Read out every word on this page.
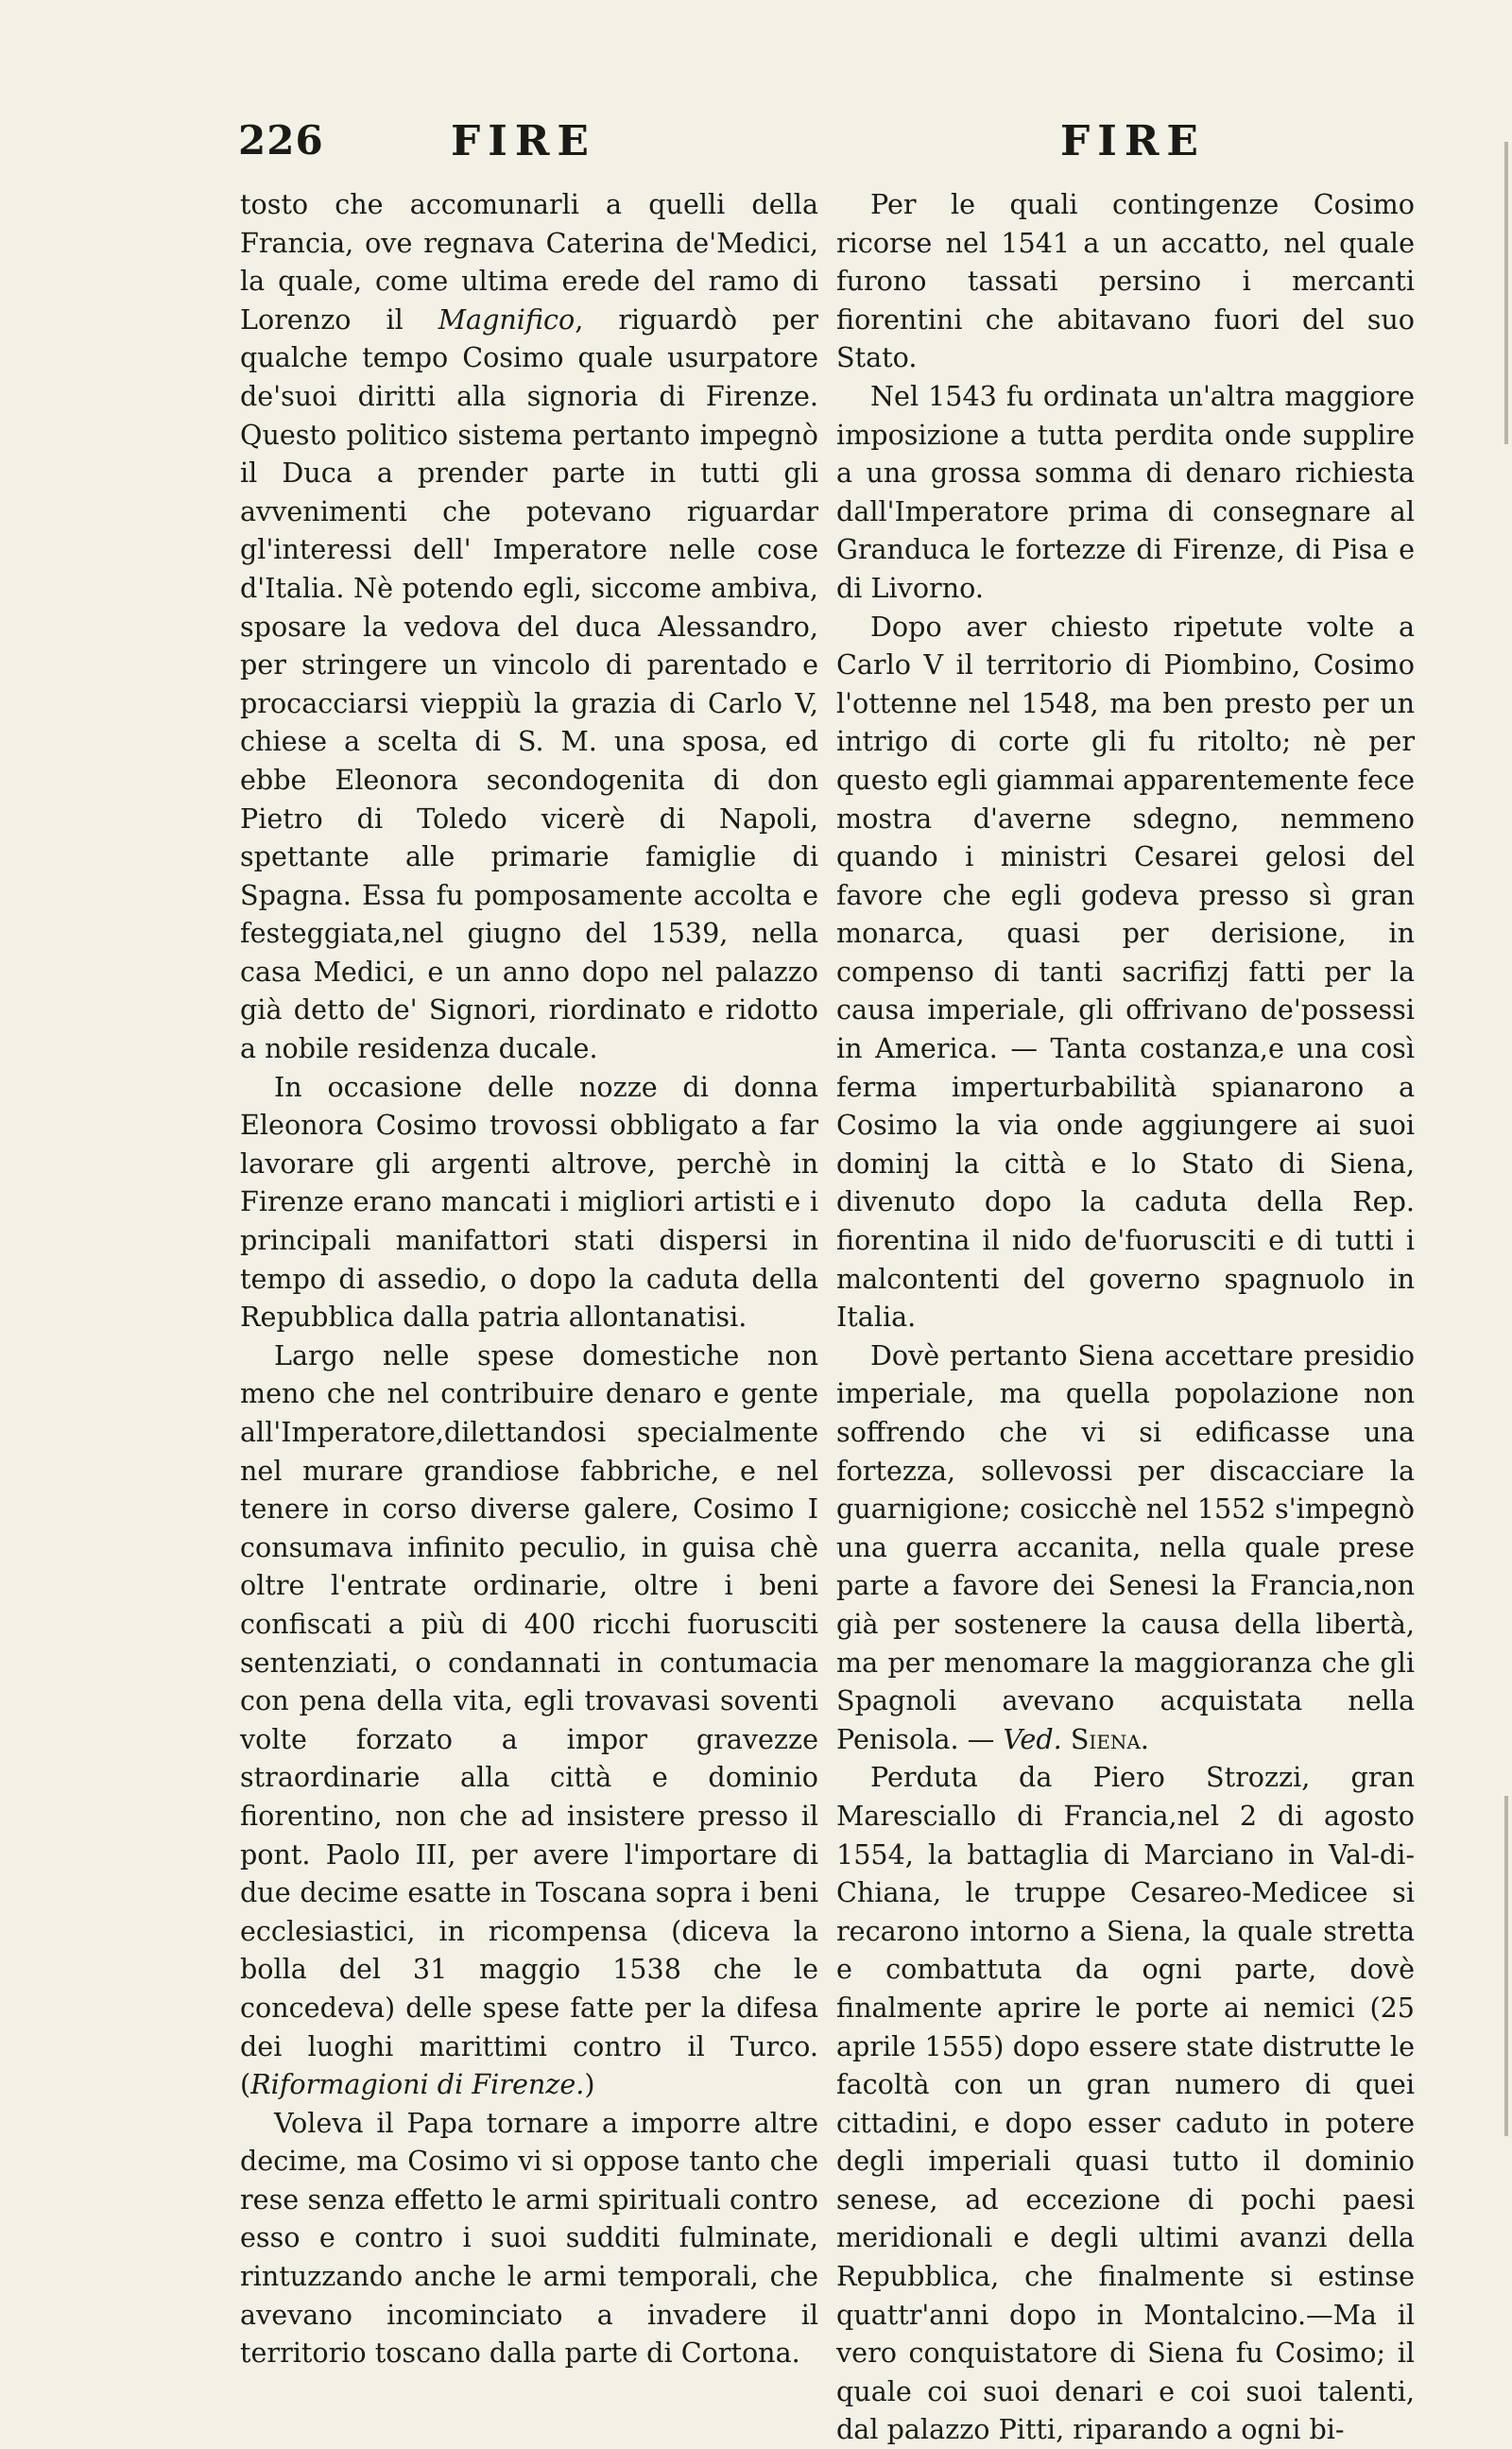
226	FIRE	FIRE

tosto che accomunarli a quelli della Francia, ove regnava Caterina de'Medici, la quale, come ultima erede del ramo di Lorenzo il Magnifico, riguardò per qualche tempo Cosimo quale usurpatore de'suoi diritti alla signoria di Firenze. Questo politico sistema pertanto impegnò il Duca a prender parte in tutti gli avvenimenti che potevano riguardar gl'interessi dell' Imperatore nelle cose d'Italia. Nè potendo egli, siccome ambiva, sposare la vedova del duca Alessandro, per stringere un vincolo di parentado e procacciarsi vieppiù la grazia di Carlo V, chiese a scelta di S. M. una sposa, ed ebbe Eleonora secondogenita di don Pietro di Toledo vicerè di Napoli, spettante alle primarie famiglie di Spagna. Essa fu pomposamente accolta e festeggiata,nel giugno del 1539, nella casa Medici, e un anno dopo nel palazzo già detto de' Signori, riordinato e ridotto a nobile residenza ducale.

In occasione delle nozze di donna Eleonora Cosimo trovossi obbligato a far lavorare gli argenti altrove, perchè in Firenze erano mancati i migliori artisti e i principali manifattori stati dispersi in tempo di assedio, o dopo la caduta della Repubblica dalla patria allontanatisi.

Largo nelle spese domestiche non meno che nel contribuire denaro e gente all'Imperatore,dilettandosi specialmente nel murare grandiose fabbriche, e nel tenere in corso diverse galere, Cosimo I consumava infinito peculio, in guisa chè oltre l'entrate ordinarie, oltre i beni confiscati a più di 400 ricchi fuorusciti sentenziati, o condannati in contumacia con pena della vita, egli trovavasi soventi volte forzato a impor gravezze straordinarie alla città e dominio fiorentino, non che ad insistere presso il pont. Paolo III, per avere l'importare di due decime esatte in Toscana sopra i beni ecclesiastici, in ricompensa (diceva la bolla del 31 maggio 1538 che le concedeva) delle spese fatte per la difesa dei luoghi marittimi contro il Turco. (Riformagioni di Firenze.)

Voleva il Papa tornare a imporre altre decime, ma Cosimo vi si oppose tanto che rese senza effetto le armi spirituali contro esso e contro i suoi sudditi fulminate, rintuzzando anche le armi temporali, che avevano incominciato a invadere il territorio toscano dalla parte di Cortona.

Per le quali contingenze Cosimo ricorse nel 1541 a un accatto, nel quale furono tassati persino i mercanti fiorentini che abitavano fuori del suo Stato.

Nel 1543 fu ordinata un'altra maggiore imposizione a tutta perdita onde supplire a una grossa somma di denaro richiesta dall'Imperatore prima di consegnare al Granduca le fortezze di Firenze, di Pisa e di Livorno.

Dopo aver chiesto ripetute volte a Carlo V il territorio di Piombino, Cosimo l'ottenne nel 1548, ma ben presto per un intrigo di corte gli fu ritolto; nè per questo egli giammai apparentemente fece mostra d'averne sdegno, nemmeno quando i ministri Cesarei gelosi del favore che egli godeva presso sì gran monarca, quasi per derisione, in compenso di tanti sacrifizj fatti per la causa imperiale, gli offrivano de'possessi in America. — Tanta costanza,e una così ferma imperturbabilità spianarono a Cosimo la via onde aggiungere ai suoi dominj la città e lo Stato di Siena, divenuto dopo la caduta della Rep. fiorentina il nido de'fuorusciti e di tutti i malcontenti del governo spagnuolo in Italia.

Dovè pertanto Siena accettare presidio imperiale, ma quella popolazione non soffrendo che vi si edificasse una fortezza, sollevossi per discacciare la guarnigione; cosicchè nel 1552 s'impegnò una guerra accanita, nella quale prese parte a favore dei Senesi la Francia,non già per sostenere la causa della libertà, ma per menomare la maggioranza che gli Spagnoli avevano acquistata nella Penisola. — Ved. Siena.

Perduta da Piero Strozzi, gran Maresciallo di Francia,nel 2 di agosto 1554, la battaglia di Marciano in Val-di-Chiana, le truppe Cesareo-Medicee si recarono intorno a Siena, la quale stretta e combattuta da ogni parte, dovè finalmente aprire le porte ai nemici (25 aprile 1555) dopo essere state distrutte le facoltà con un gran numero di quei cittadini, e dopo esser caduto in potere degli imperiali quasi tutto il dominio senese, ad eccezione di pochi paesi meridionali e degli ultimi avanzi della Repubblica, che finalmente si estinse quattr'anni dopo in Montalcino.—Ma il vero conquistatore di Siena fu Cosimo; il quale coi suoi denari e coi suoi talenti, dal palazzo Pitti, riparando a ogni bi-
